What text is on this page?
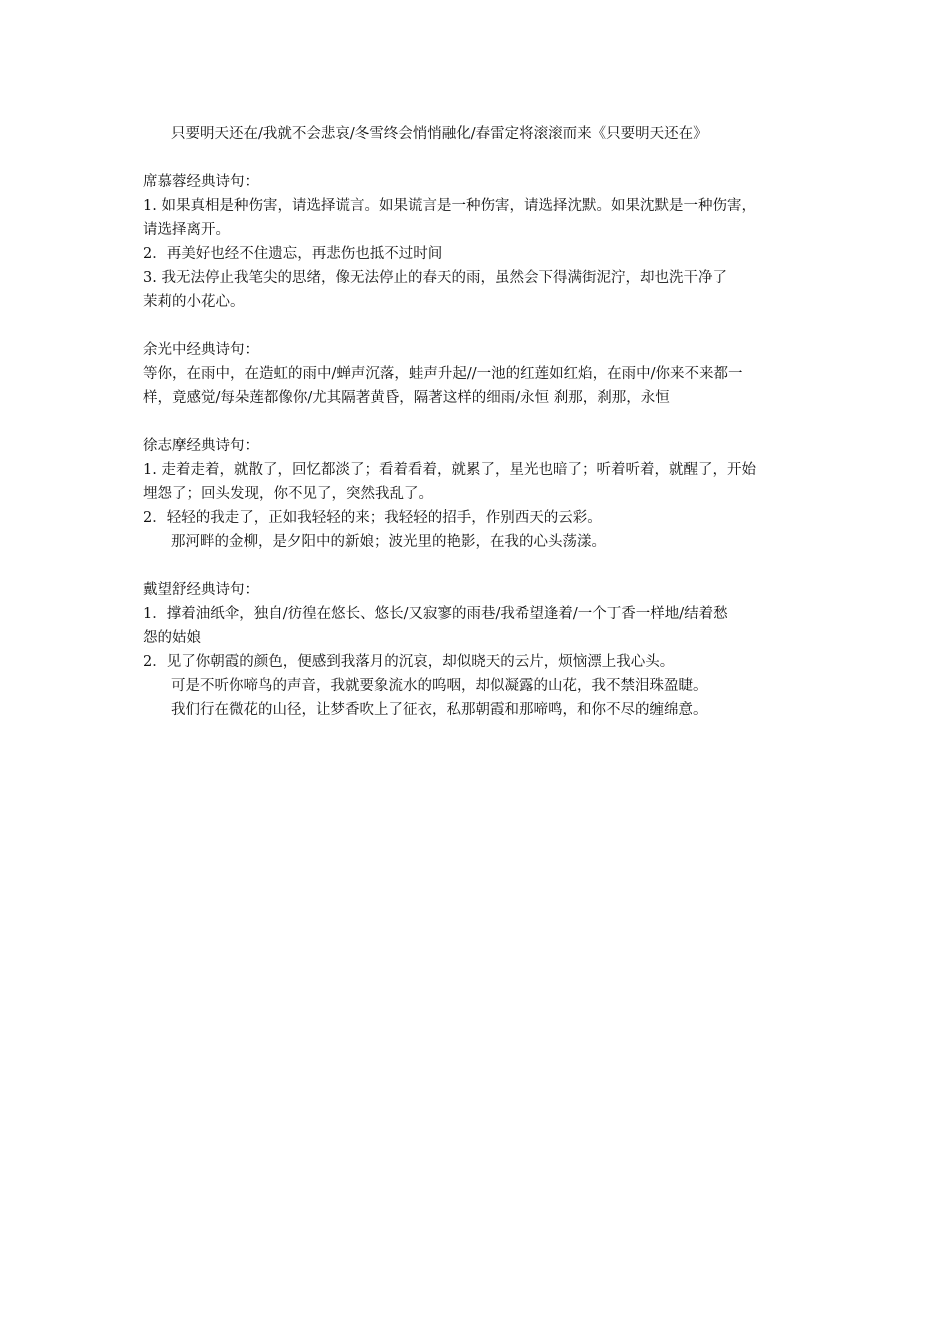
只要明天还在/我就不会悲哀/冬雪终会悄悄融化/春雷定将滚滚而来《只要明天还在》
席慕蓉经典诗句：
1. 如果真相是种伤害，请选择谎言。如果谎言是一种伤害，请选择沈默。如果沈默是一种伤害，
请选择离开。
2．再美好也经不住遗忘，再悲伤也抵不过时间
3. 我无法停止我笔尖的思绪，像无法停止的春天的雨，虽然会下得满街泥泞，却也洗干净了
茉莉的小花心。
余光中经典诗句：
等你，在雨中，在造虹的雨中/蝉声沉落，蛙声升起//一池的红莲如红焰，在雨中/你来不来都一
样，竟感觉/每朵莲都像你/尤其隔著黄昏，隔著这样的细雨/永恒 刹那，刹那，永恒
徐志摩经典诗句：
1. 走着走着，就散了，回忆都淡了；看着看着，就累了，星光也暗了；听着听着，就醒了，开始
埋怨了；回头发现，你不见了，突然我乱了。
2．轻轻的我走了，正如我轻轻的来；我轻轻的招手，作别西天的云彩。
那河畔的金柳，是夕阳中的新娘；波光里的艳影，在我的心头荡漾。
戴望舒经典诗句：
1．撑着油纸伞，独自/彷徨在悠长、悠长/又寂寥的雨巷/我希望逢着/一个丁香一样地/结着愁
怨的姑娘
2．见了你朝霞的颜色，便感到我落月的沉哀，却似晓天的云片，烦恼漂上我心头。
可是不听你啼鸟的声音，我就要象流水的呜咽，却似凝露的山花，我不禁泪珠盈睫。
我们行在微花的山径，让梦香吹上了征衣，私那朝霞和那啼鸣，和你不尽的缠绵意。
